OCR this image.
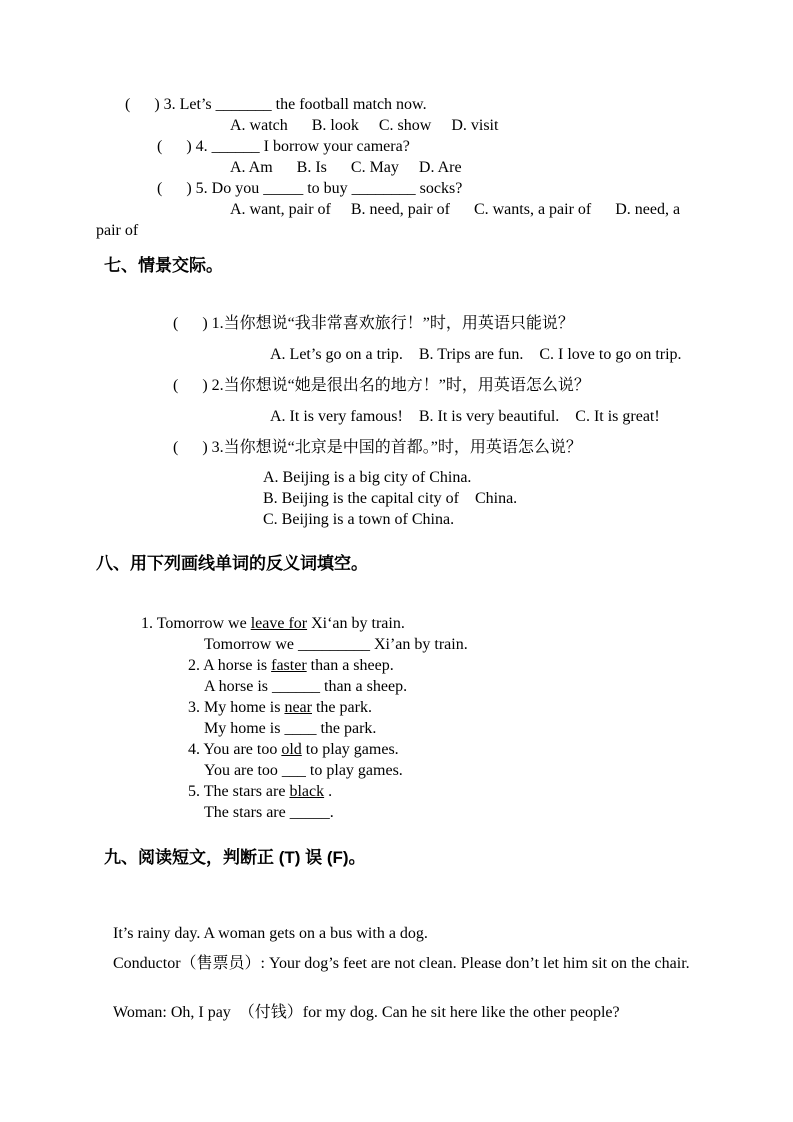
(      ) 3. Let’s _______ the football match now.
A. watch      B. look     C. show     D. visit
(      ) 4. ______ I borrow your camera?
A. Am      B. Is      C. May     D. Are
(      ) 5. Do you _____ to buy ________ socks?
A. want, pair of     B. need, pair of      C. wants, a pair of      D. need, a
pair of
七、情景交际。
(      ) 1.当你想说“我非常喜欢旅行！”时，用英语只能说？
A. Let’s go on a trip.    B. Trips are fun.    C. I love to go on trip.
(      ) 2.当你想说“她是很出名的地方！”时，用英语怎么说？
A. It is very famous!    B. It is very beautiful.    C. It is great!
(      ) 3.当你想说“北京是中国的首都。”时，用英语怎么说？
A. Beijing is a big city of China.
B. Beijing is the capital city of    China.
C. Beijing is a town of China.
八、用下列画线单词的反义词填空。
1. Tomorrow we leave for Xi‘an by train.
Tomorrow we _________ Xi’an by train.
2. A horse is faster than a sheep.
A horse is ______ than a sheep.
3. My home is near the park.
My home is ____ the park.
4. You are too old to play games.
You are too ___ to play games.
5. The stars are black .
The stars are _____.
九、阅读短文，判断正 (T) 误 (F)。
It’s rainy day. A woman gets on a bus with a dog.
Conductor（售票员）: Your dog’s feet are not clean. Please don’t let him sit on the chair.
Woman: Oh, I pay  （付钱）for my dog. Can he sit here like the other people?
